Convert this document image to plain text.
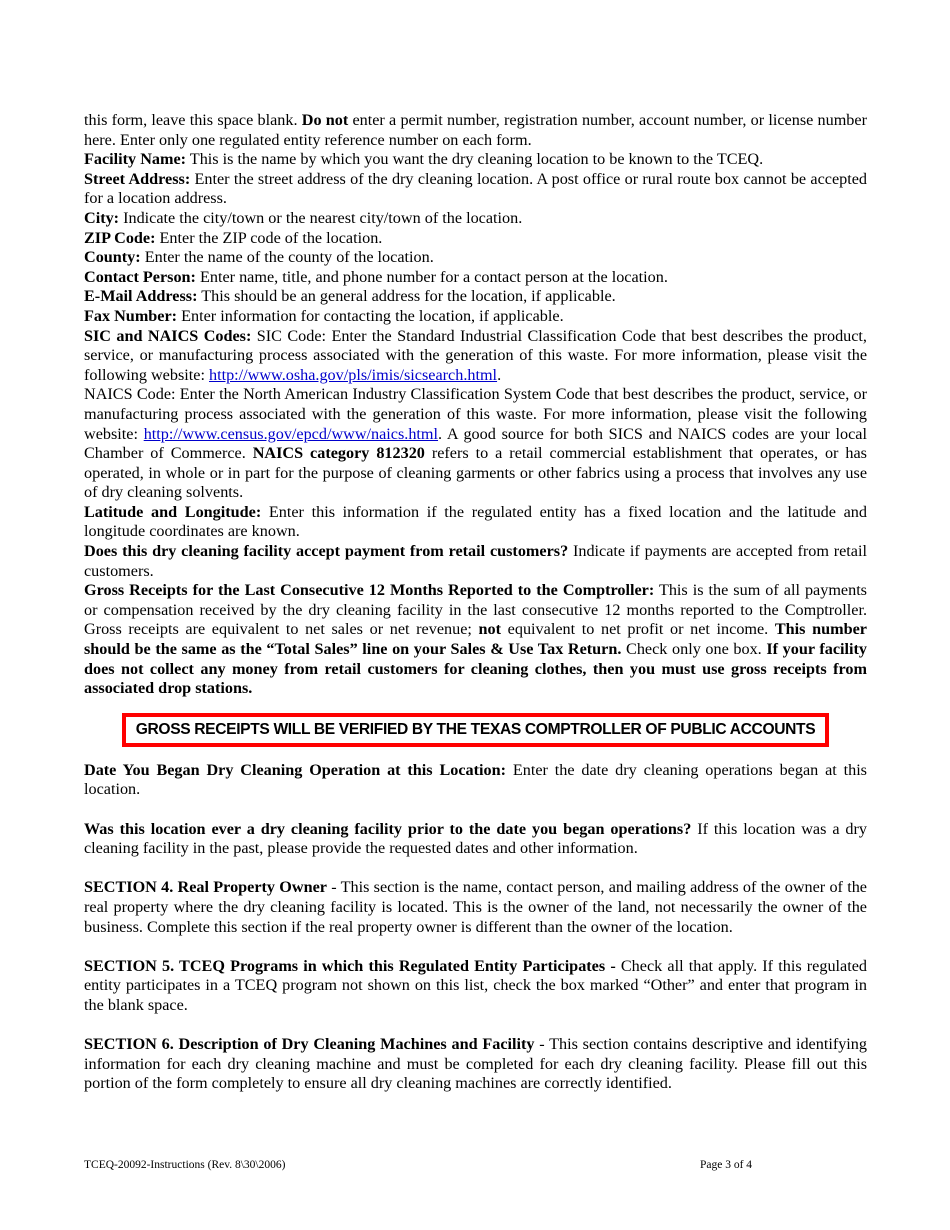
this form, leave this space blank. Do not enter a permit number, registration number, account number, or license number here. Enter only one regulated entity reference number on each form.

Facility Name: This is the name by which you want the dry cleaning location to be known to the TCEQ.

Street Address: Enter the street address of the dry cleaning location. A post office or rural route box cannot be accepted for a location address.

City: Indicate the city/town or the nearest city/town of the location.

ZIP Code: Enter the ZIP code of the location.

County: Enter the name of the county of the location.

Contact Person: Enter name, title, and phone number for a contact person at the location.

E-Mail Address: This should be an general address for the location, if applicable.

Fax Number: Enter information for contacting the location, if applicable.

SIC and NAICS Codes: SIC Code: Enter the Standard Industrial Classification Code that best describes the product, service, or manufacturing process associated with the generation of this waste. For more information, please visit the following website: http://www.osha.gov/pls/imis/sicsearch.html.

NAICS Code: Enter the North American Industry Classification System Code that best describes the product, service, or manufacturing process associated with the generation of this waste. For more information, please visit the following website: http://www.census.gov/epcd/www/naics.html. A good source for both SICS and NAICS codes are your local Chamber of Commerce. NAICS category 812320 refers to a retail commercial establishment that operates, or has operated, in whole or in part for the purpose of cleaning garments or other fabrics using a process that involves any use of dry cleaning solvents.

Latitude and Longitude: Enter this information if the regulated entity has a fixed location and the latitude and longitude coordinates are known.

Does this dry cleaning facility accept payment from retail customers? Indicate if payments are accepted from retail customers.

Gross Receipts for the Last Consecutive 12 Months Reported to the Comptroller: This is the sum of all payments or compensation received by the dry cleaning facility in the last consecutive 12 months reported to the Comptroller. Gross receipts are equivalent to net sales or net revenue; not equivalent to net profit or net income. This number should be the same as the “Total Sales” line on your Sales & Use Tax Return. Check only one box. If your facility does not collect any money from retail customers for cleaning clothes, then you must use gross receipts from associated drop stations.

GROSS RECEIPTS WILL BE VERIFIED BY THE TEXAS COMPTROLLER OF PUBLIC ACCOUNTS

Date You Began Dry Cleaning Operation at this Location: Enter the date dry cleaning operations began at this location.

Was this location ever a dry cleaning facility prior to the date you began operations? If this location was a dry cleaning facility in the past, please provide the requested dates and other information.

SECTION 4. Real Property Owner - This section is the name, contact person, and mailing address of the owner of the real property where the dry cleaning facility is located. This is the owner of the land, not necessarily the owner of the business. Complete this section if the real property owner is different than the owner of the location.

SECTION 5. TCEQ Programs in which this Regulated Entity Participates - Check all that apply. If this regulated entity participates in a TCEQ program not shown on this list, check the box marked “Other” and enter that program in the blank space.

SECTION 6. Description of Dry Cleaning Machines and Facility - This section contains descriptive and identifying information for each dry cleaning machine and must be completed for each dry cleaning facility. Please fill out this portion of the form completely to ensure all dry cleaning machines are correctly identified.

TCEQ-20092-Instructions (Rev. 8\30\2006)	Page 3 of 4
